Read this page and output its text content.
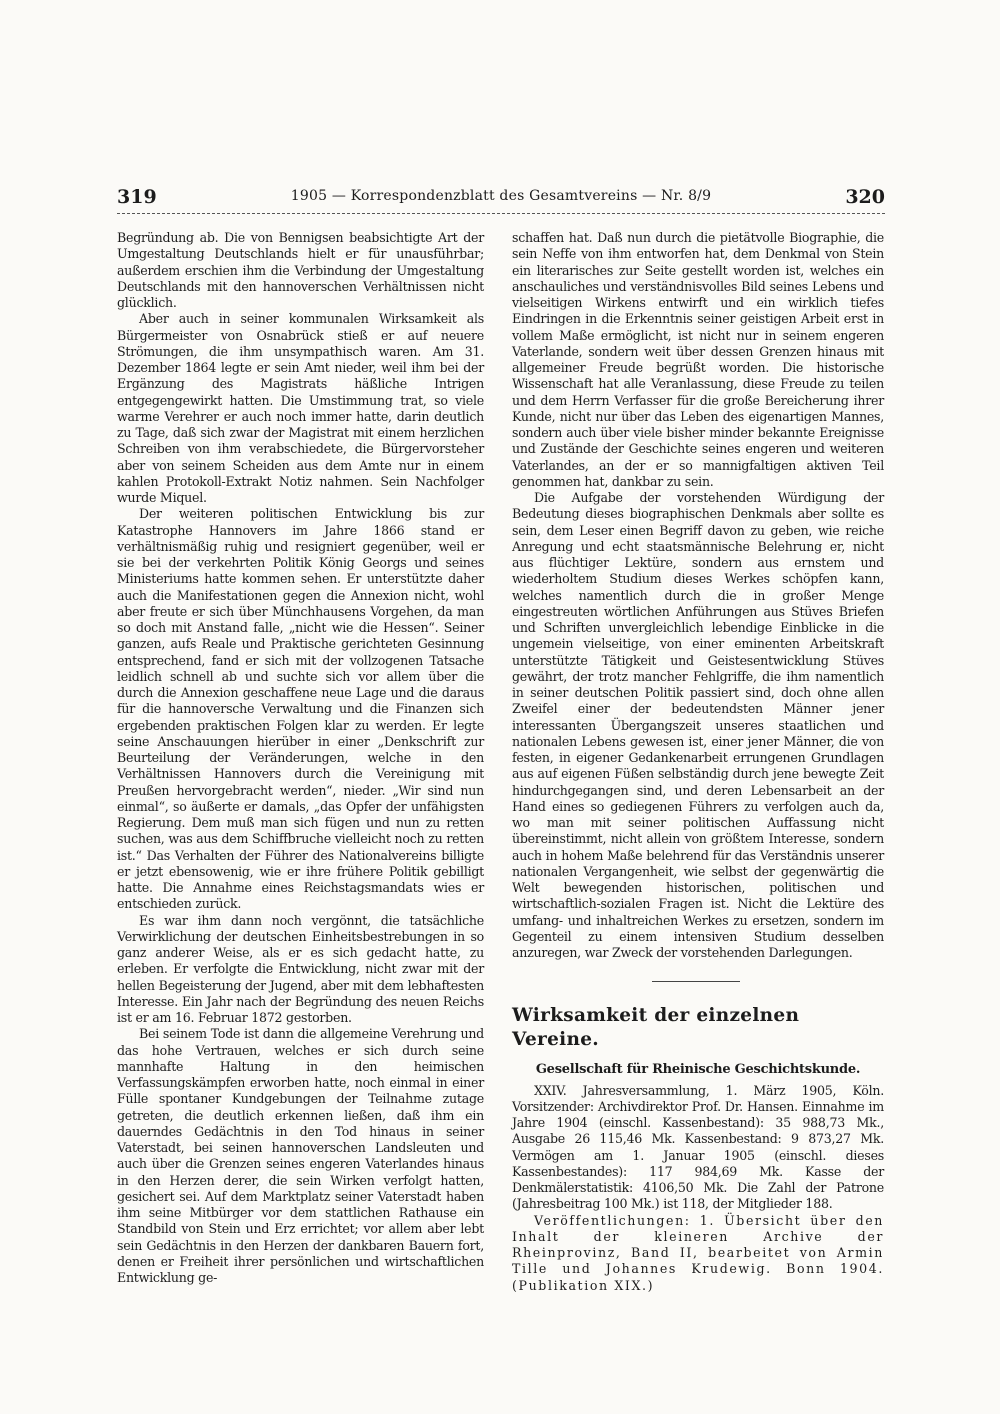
319	1905 — Korrespondenzblatt des Gesamtvereins — Nr. 8/9	320

Begründung ab. Die von Bennigsen beabsichtigte Art der Umgestaltung Deutschlands hielt er für unausführbar; außerdem erschien ihm die Verbindung der Umgestaltung Deutschlands mit den hannoverschen Verhältnissen nicht glücklich.

Aber auch in seiner kommunalen Wirksamkeit als Bürgermeister von Osnabrück stieß er auf neuere Strömungen, die ihm unsympathisch waren. Am 31. Dezember 1864 legte er sein Amt nieder, weil ihm bei der Ergänzung des Magistrats häßliche Intrigen entgegengewirkt hatten. Die Umstimmung trat, so viele warme Verehrer er auch noch immer hatte, darin deutlich zu Tage, daß sich zwar der Magistrat mit einem herzlichen Schreiben von ihm verabschiedete, die Bürgervorsteher aber von seinem Scheiden aus dem Amte nur in einem kahlen Protokoll-Extrakt Notiz nahmen. Sein Nachfolger wurde Miquel.

Der weiteren politischen Entwicklung bis zur Katastrophe Hannovers im Jahre 1866 stand er verhältnismäßig ruhig und resigniert gegenüber, weil er sie bei der verkehrten Politik König Georgs und seines Ministeriums hatte kommen sehen. Er unterstützte daher auch die Manifestationen gegen die Annexion nicht, wohl aber freute er sich über Münchhausens Vorgehen, da man so doch mit Anstand falle, „nicht wie die Hessen“. Seiner ganzen, aufs Reale und Praktische gerichteten Gesinnung entsprechend, fand er sich mit der vollzogenen Tatsache leidlich schnell ab und suchte sich vor allem über die durch die Annexion geschaffene neue Lage und die daraus für die hannoversche Verwaltung und die Finanzen sich ergebenden praktischen Folgen klar zu werden. Er legte seine Anschauungen hierüber in einer „Denkschrift zur Beurteilung der Veränderungen, welche in den Verhältnissen Hannovers durch die Vereinigung mit Preußen hervorgebracht werden“, nieder. „Wir sind nun einmal“, so äußerte er damals, „das Opfer der unfähigsten Regierung. Dem muß man sich fügen und nun zu retten suchen, was aus dem Schiffbruche vielleicht noch zu retten ist.“ Das Verhalten der Führer des Nationalvereins billigte er jetzt ebensowenig, wie er ihre frühere Politik gebilligt hatte. Die Annahme eines Reichstagsmandats wies er entschieden zurück.

Es war ihm dann noch vergönnt, die tatsächliche Verwirklichung der deutschen Einheitsbestrebungen in so ganz anderer Weise, als er es sich gedacht hatte, zu erleben. Er verfolgte die Entwicklung, nicht zwar mit der hellen Begeisterung der Jugend, aber mit dem lebhaftesten Interesse. Ein Jahr nach der Begründung des neuen Reichs ist er am 16. Februar 1872 gestorben.

Bei seinem Tode ist dann die allgemeine Verehrung und das hohe Vertrauen, welches er sich durch seine mannhafte Haltung in den heimischen Verfassungskämpfen erworben hatte, noch einmal in einer Fülle spontaner Kundgebungen der Teilnahme zutage getreten, die deutlich erkennen ließen, daß ihm ein dauerndes Gedächtnis in den Tod hinaus in seiner Vaterstadt, bei seinen hannoverschen Landsleuten und auch über die Grenzen seines engeren Vaterlandes hinaus in den Herzen derer, die sein Wirken verfolgt hatten, gesichert sei. Auf dem Marktplatz seiner Vaterstadt haben ihm seine Mitbürger vor dem stattlichen Rathause ein Standbild von Stein und Erz errichtet; vor allem aber lebt sein Gedächtnis in den Herzen der dankbaren Bauern fort, denen er Freiheit ihrer persönlichen und wirtschaftlichen Entwicklung ge-

schaffen hat. Daß nun durch die pietätvolle Biographie, die sein Neffe von ihm entworfen hat, dem Denkmal von Stein ein literarisches zur Seite gestellt worden ist, welches ein anschauliches und verständnisvolles Bild seines Lebens und vielseitigen Wirkens entwirft und ein wirklich tiefes Eindringen in die Erkenntnis seiner geistigen Arbeit erst in vollem Maße ermöglicht, ist nicht nur in seinem engeren Vaterlande, sondern weit über dessen Grenzen hinaus mit allgemeiner Freude begrüßt worden. Die historische Wissenschaft hat alle Veranlassung, diese Freude zu teilen und dem Herrn Verfasser für die große Bereicherung ihrer Kunde, nicht nur über das Leben des eigenartigen Mannes, sondern auch über viele bisher minder bekannte Ereignisse und Zustände der Geschichte seines engeren und weiteren Vaterlandes, an der er so mannigfaltigen aktiven Teil genommen hat, dankbar zu sein.

Die Aufgabe der vorstehenden Würdigung der Bedeutung dieses biographischen Denkmals aber sollte es sein, dem Leser einen Begriff davon zu geben, wie reiche Anregung und echt staatsmännische Belehrung er, nicht aus flüchtiger Lektüre, sondern aus ernstem und wiederholtem Studium dieses Werkes schöpfen kann, welches namentlich durch die in großer Menge eingestreuten wörtlichen Anführungen aus Stüves Briefen und Schriften unvergleichlich lebendige Einblicke in die ungemein vielseitige, von einer eminenten Arbeitskraft unterstützte Tätigkeit und Geistesentwicklung Stüves gewährt, der trotz mancher Fehlgriffe, die ihm namentlich in seiner deutschen Politik passiert sind, doch ohne allen Zweifel einer der bedeutendsten Männer jener interessanten Übergangszeit unseres staatlichen und nationalen Lebens gewesen ist, einer jener Männer, die von festen, in eigener Gedankenarbeit errungenen Grundlagen aus auf eigenen Füßen selbständig durch jene bewegte Zeit hindurchgegangen sind, und deren Lebensarbeit an der Hand eines so gediegenen Führers zu verfolgen auch da, wo man mit seiner politischen Auffassung nicht übereinstimmt, nicht allein von größtem Interesse, sondern auch in hohem Maße belehrend für das Verständnis unserer nationalen Vergangenheit, wie selbst der gegenwärtig die Welt bewegenden historischen, politischen und wirtschaftlich-sozialen Fragen ist. Nicht die Lektüre des umfang- und inhaltreichen Werkes zu ersetzen, sondern im Gegenteil zu einem intensiven Studium desselben anzuregen, war Zweck der vorstehenden Darlegungen.

Wirksamkeit der einzelnen Vereine.
Gesellschaft für Rheinische Geschichtskunde.

XXIV. Jahresversammlung, 1. März 1905, Köln. Vorsitzender: Archivdirektor Prof. Dr. Hansen. Einnahme im Jahre 1904 (einschl. Kassenbestand): 35 988,73 Mk., Ausgabe 26 115,46 Mk. Kassenbestand: 9 873,27 Mk. Vermögen am 1. Januar 1905 (einschl. dieses Kassenbestandes): 117 984,69 Mk. Kasse der Denkmälerstatistik: 4106,50 Mk. Die Zahl der Patrone (Jahresbeitrag 100 Mk.) ist 118, der Mitglieder 188.

Veröffentlichungen: 1. Übersicht über den Inhalt der kleineren Archive der Rheinprovinz, Band II, bearbeitet von Armin Tille und Johannes Krudewig. Bonn 1904. (Publikation XIX.)
